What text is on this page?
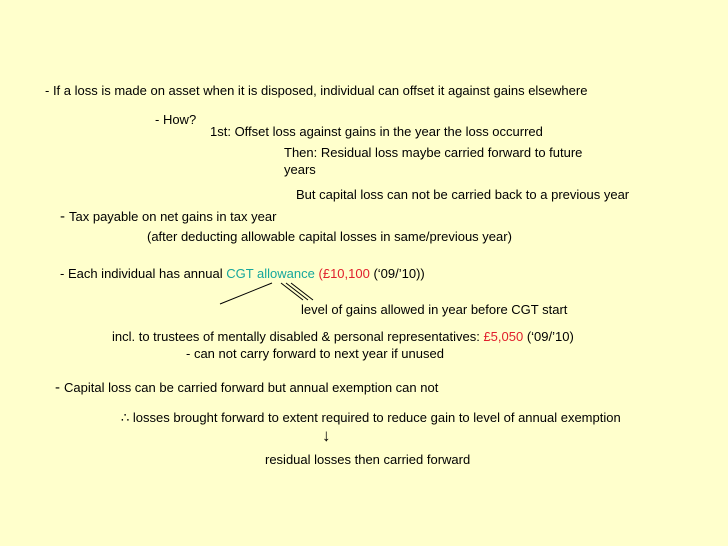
- If a loss is made on asset when it is disposed, individual can offset it against gains elsewhere
- How?
1st: Offset loss against gains in the year the loss occurred
Then: Residual loss maybe carried forward to future
years
But capital loss can not be carried back to a previous year
- Tax payable on net gains in tax year
(after deducting allowable capital losses in same/previous year)
- Each individual has annual CGT allowance (£10,100 (‘09/’10))
level of gains allowed in year before CGT start
incl. to trustees of mentally disabled & personal representatives: £5,050 (‘09/’10)
- can not carry forward to next year if unused
- Capital loss can be carried forward but annual exemption can not
∴ losses brought forward to extent required to reduce gain to level of annual exemption
↓
residual losses then carried forward
